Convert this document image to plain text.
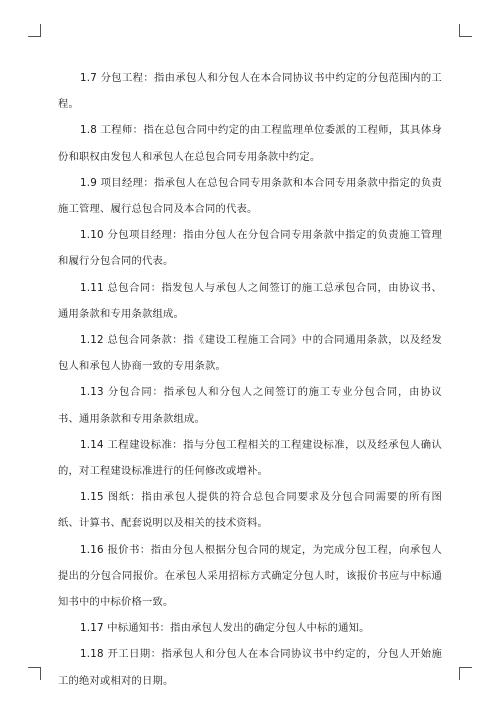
1.7 分包工程：指由承包人和分包人在本合同协议书中约定的分包范围内的工程。

1.8 工程师：指在总包合同中约定的由工程监理单位委派的工程师，其具体身份和职权由发包人和承包人在总包合同专用条款中约定。

1.9 项目经理：指承包人在总包合同专用条款和本合同专用条款中指定的负责施工管理、履行总包合同及本合同的代表。

1.10 分包项目经理：指由分包人在分包合同专用条款中指定的负责施工管理和履行分包合同的代表。

1.11 总包合同：指发包人与承包人之间签订的施工总承包合同，由协议书、通用条款和专用条款组成。

1.12 总包合同条款：指《建设工程施工合同》中的合同通用条款，以及经发包人和承包人协商一致的专用条款。

1.13 分包合同：指承包人和分包人之间签订的施工专业分包合同，由协议书、通用条款和专用条款组成。

1.14 工程建设标准：指与分包工程相关的工程建设标准，以及经承包人确认的，对工程建设标准进行的任何修改或增补。

1.15 图纸：指由承包人提供的符合总包合同要求及分包合同需要的所有图纸、计算书、配套说明以及相关的技术资料。

1.16 报价书：指由分包人根据分包合同的规定，为完成分包工程，向承包人提出的分包合同报价。在承包人采用招标方式确定分包人时，该报价书应与中标通知书中的中标价格一致。

1.17 中标通知书：指由承包人发出的确定分包人中标的通知。

1.18 开工日期：指承包人和分包人在本合同协议书中约定的，分包人开始施工的绝对或相对的日期。
